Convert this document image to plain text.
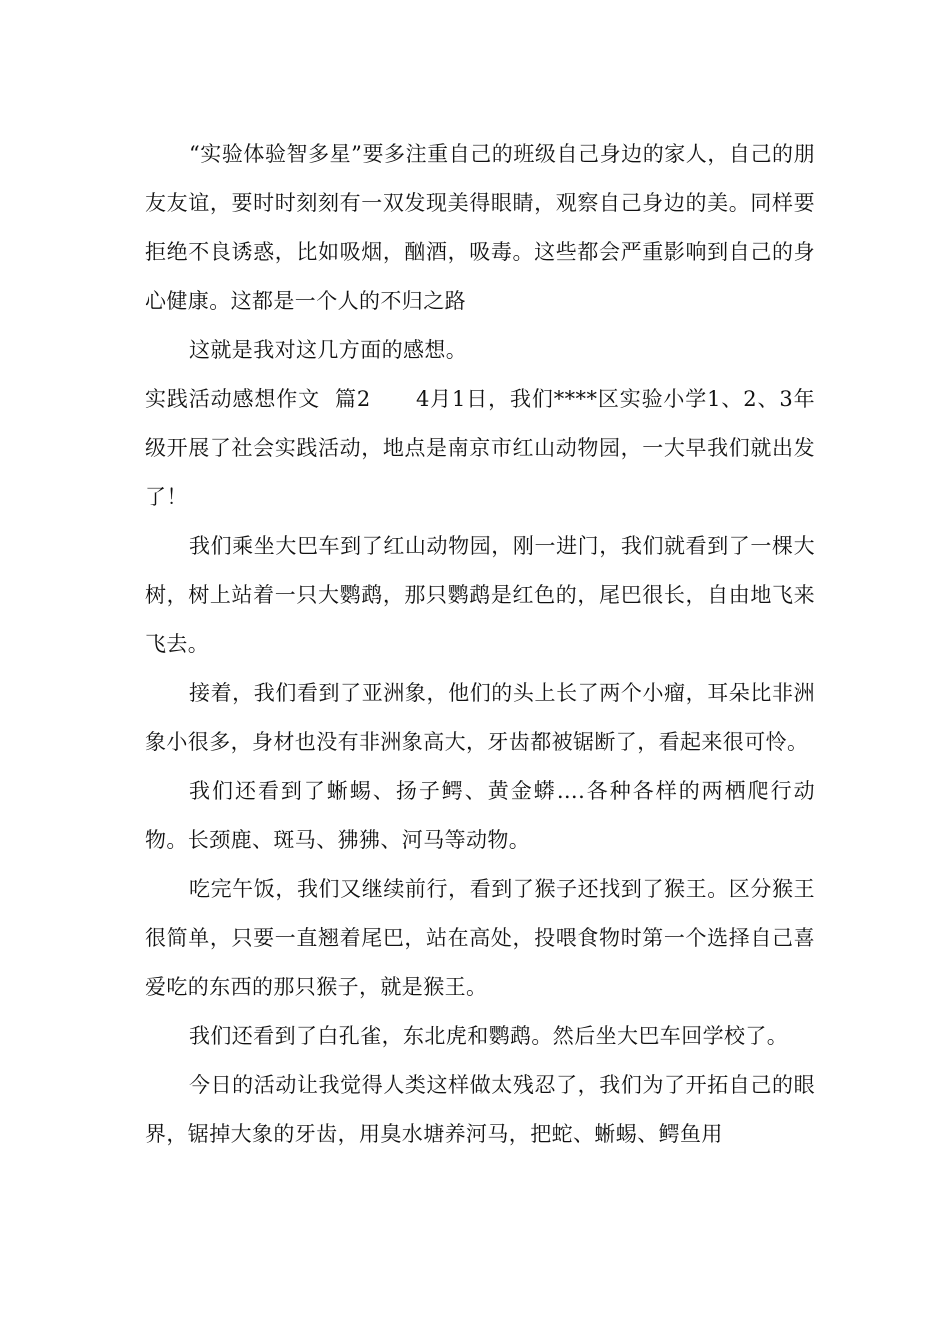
“实验体验智多星”要多注重自己的班级自己身边的家人，自己的朋友友谊，要时时刻刻有一双发现美得眼睛，观察自己身边的美。同样要拒绝不良诱惑，比如吸烟，酗酒，吸毒。这些都会严重影响到自己的身心健康。这都是一个人的不归之路

这就是我对这几方面的感想。

实践活动感想作文  篇2 4月1日，我们****区实验小学1、2、3年级开展了社会实践活动，地点是南京市红山动物园，一大早我们就出发了！

我们乘坐大巴车到了红山动物园，刚一进门，我们就看到了一棵大树，树上站着一只大鹦鹉，那只鹦鹉是红色的，尾巴很长，自由地飞来飞去。

接着，我们看到了亚洲象，他们的头上长了两个小瘤，耳朵比非洲象小很多，身材也没有非洲象高大，牙齿都被锯断了，看起来很可怜。

我们还看到了蜥蜴、扬子鳄、黄金蟒….各种各样的两栖爬行动物。长颈鹿、斑马、狒狒、河马等动物。

吃完午饭，我们又继续前行，看到了猴子还找到了猴王。区分猴王很简单，只要一直翘着尾巴，站在高处，投喂食物时第一个选择自己喜爱吃的东西的那只猴子，就是猴王。

我们还看到了白孔雀，东北虎和鹦鹉。然后坐大巴车回学校了。

今日的活动让我觉得人类这样做太残忍了，我们为了开拓自己的眼界，锯掉大象的牙齿，用臭水塘养河马，把蛇、蜥蜴、鳄鱼用
